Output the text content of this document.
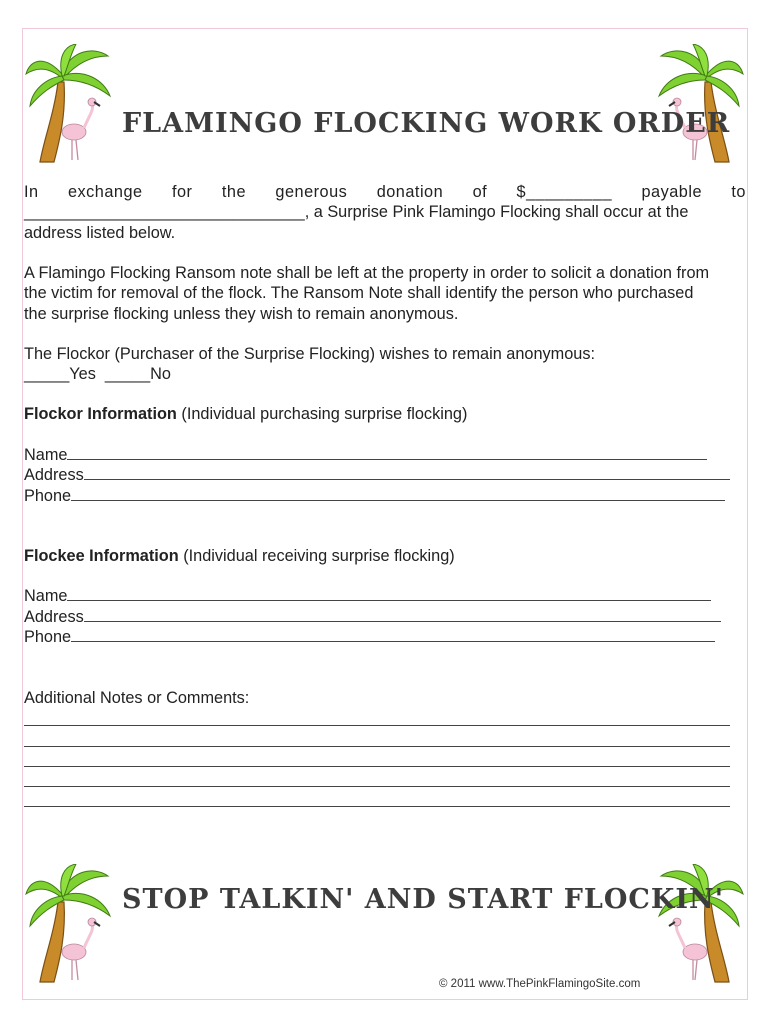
FLAMINGO FLOCKING WORK ORDER
In exchange for the generous donation of $_________ payable to
_______________________________, a Surprise Pink Flamingo Flocking shall occur at the
address listed below.
A Flamingo Flocking Ransom note shall be left at the property in order to solicit a donation from
the victim for removal of the flock. The Ransom Note shall identify the person who purchased
the surprise flocking unless they wish to remain anonymous.
The Flockor (Purchaser of the Surprise Flocking) wishes to remain anonymous:
_____Yes  _____No
Flockor Information (Individual purchasing surprise flocking)
Name
Address
Phone
Flockee Information (Individual receiving surprise flocking)
Name
Address
Phone
Additional Notes or Comments:
STOP TALKIN' AND START FLOCKIN'
© 2011 www.ThePinkFlamingoSite.com
